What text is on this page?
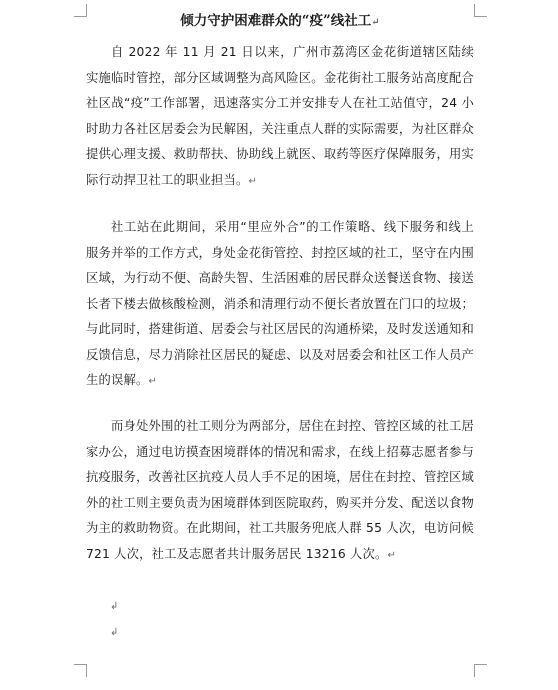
倾力守护困难群众的“疫”线社工↵
自 2022 年 11 月 21 日以来，广州市荔湾区金花街道辖区陆续实施临时管控，部分区域调整为高风险区。金花街社工服务站高度配合社区战“疫”工作部署，迅速落实分工并安排专人在社工站值守，24 小时助力各社区居委会为民解困，关注重点人群的实际需要，为社区群众提供心理支援、救助帮扶、协助线上就医、取药等医疗保障服务，用实际行动捍卫社工的职业担当。↵
社工站在此期间，采用“里应外合”的工作策略、线下服务和线上服务并举的工作方式，身处金花街管控、封控区域的社工，坚守在内围区域，为行动不便、高龄失智、生活困难的居民群众送餐送食物、接送长者下楼去做核酸检测，消杀和清理行动不便长者放置在门口的垃圾；与此同时，搭建街道、居委会与社区居民的沟通桥梁，及时发送通知和反馈信息，尽力消除社区居民的疑虑、以及对居委会和社区工作人员产生的误解。↵
而身处外围的社工则分为两部分，居住在封控、管控区域的社工居家办公，通过电访摸查困境群体的情况和需求，在线上招募志愿者参与抗疫服务，改善社区抗疫人员人手不足的困境，居住在封控、管控区域外的社工则主要负责为困境群体到医院取药，购买并分发、配送以食物为主的救助物资。在此期间，社工共服务兜底人群 55 人次，电访问候 721 人次，社工及志愿者共计服务居民 13216 人次。↵
↲
↲
